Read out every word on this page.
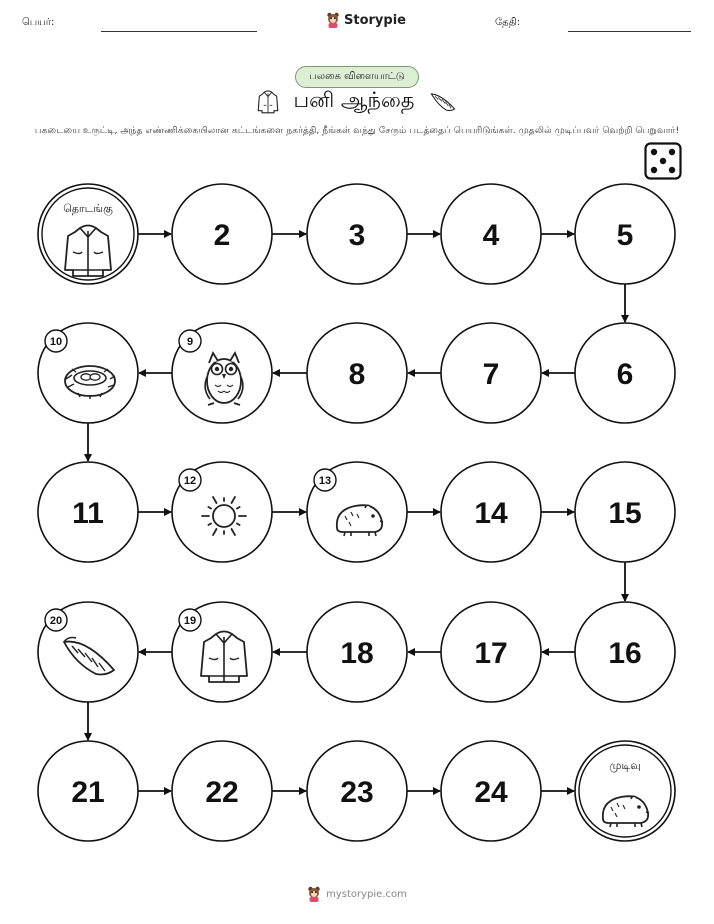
பெயர்:	Storypie	தேதி:
பலகை விளையாட்டு
பனி ஆந்தை
பகடையை உருட்டி, அந்த எண்ணிக்கையிலான கட்டங்களை நகர்த்தி, நீங்கள் வந்து சேரும் படத்தைப் பெயரிடுங்கள். முதலில் முடிப்பவர் வெற்றி பெறுவார்!
தொடங்கு
2	3	4	5
6
7
8
9
10
11
12	13
14	15
16
17
18
19
20
21	22	23	24
முடிவு
mystorypie.com
